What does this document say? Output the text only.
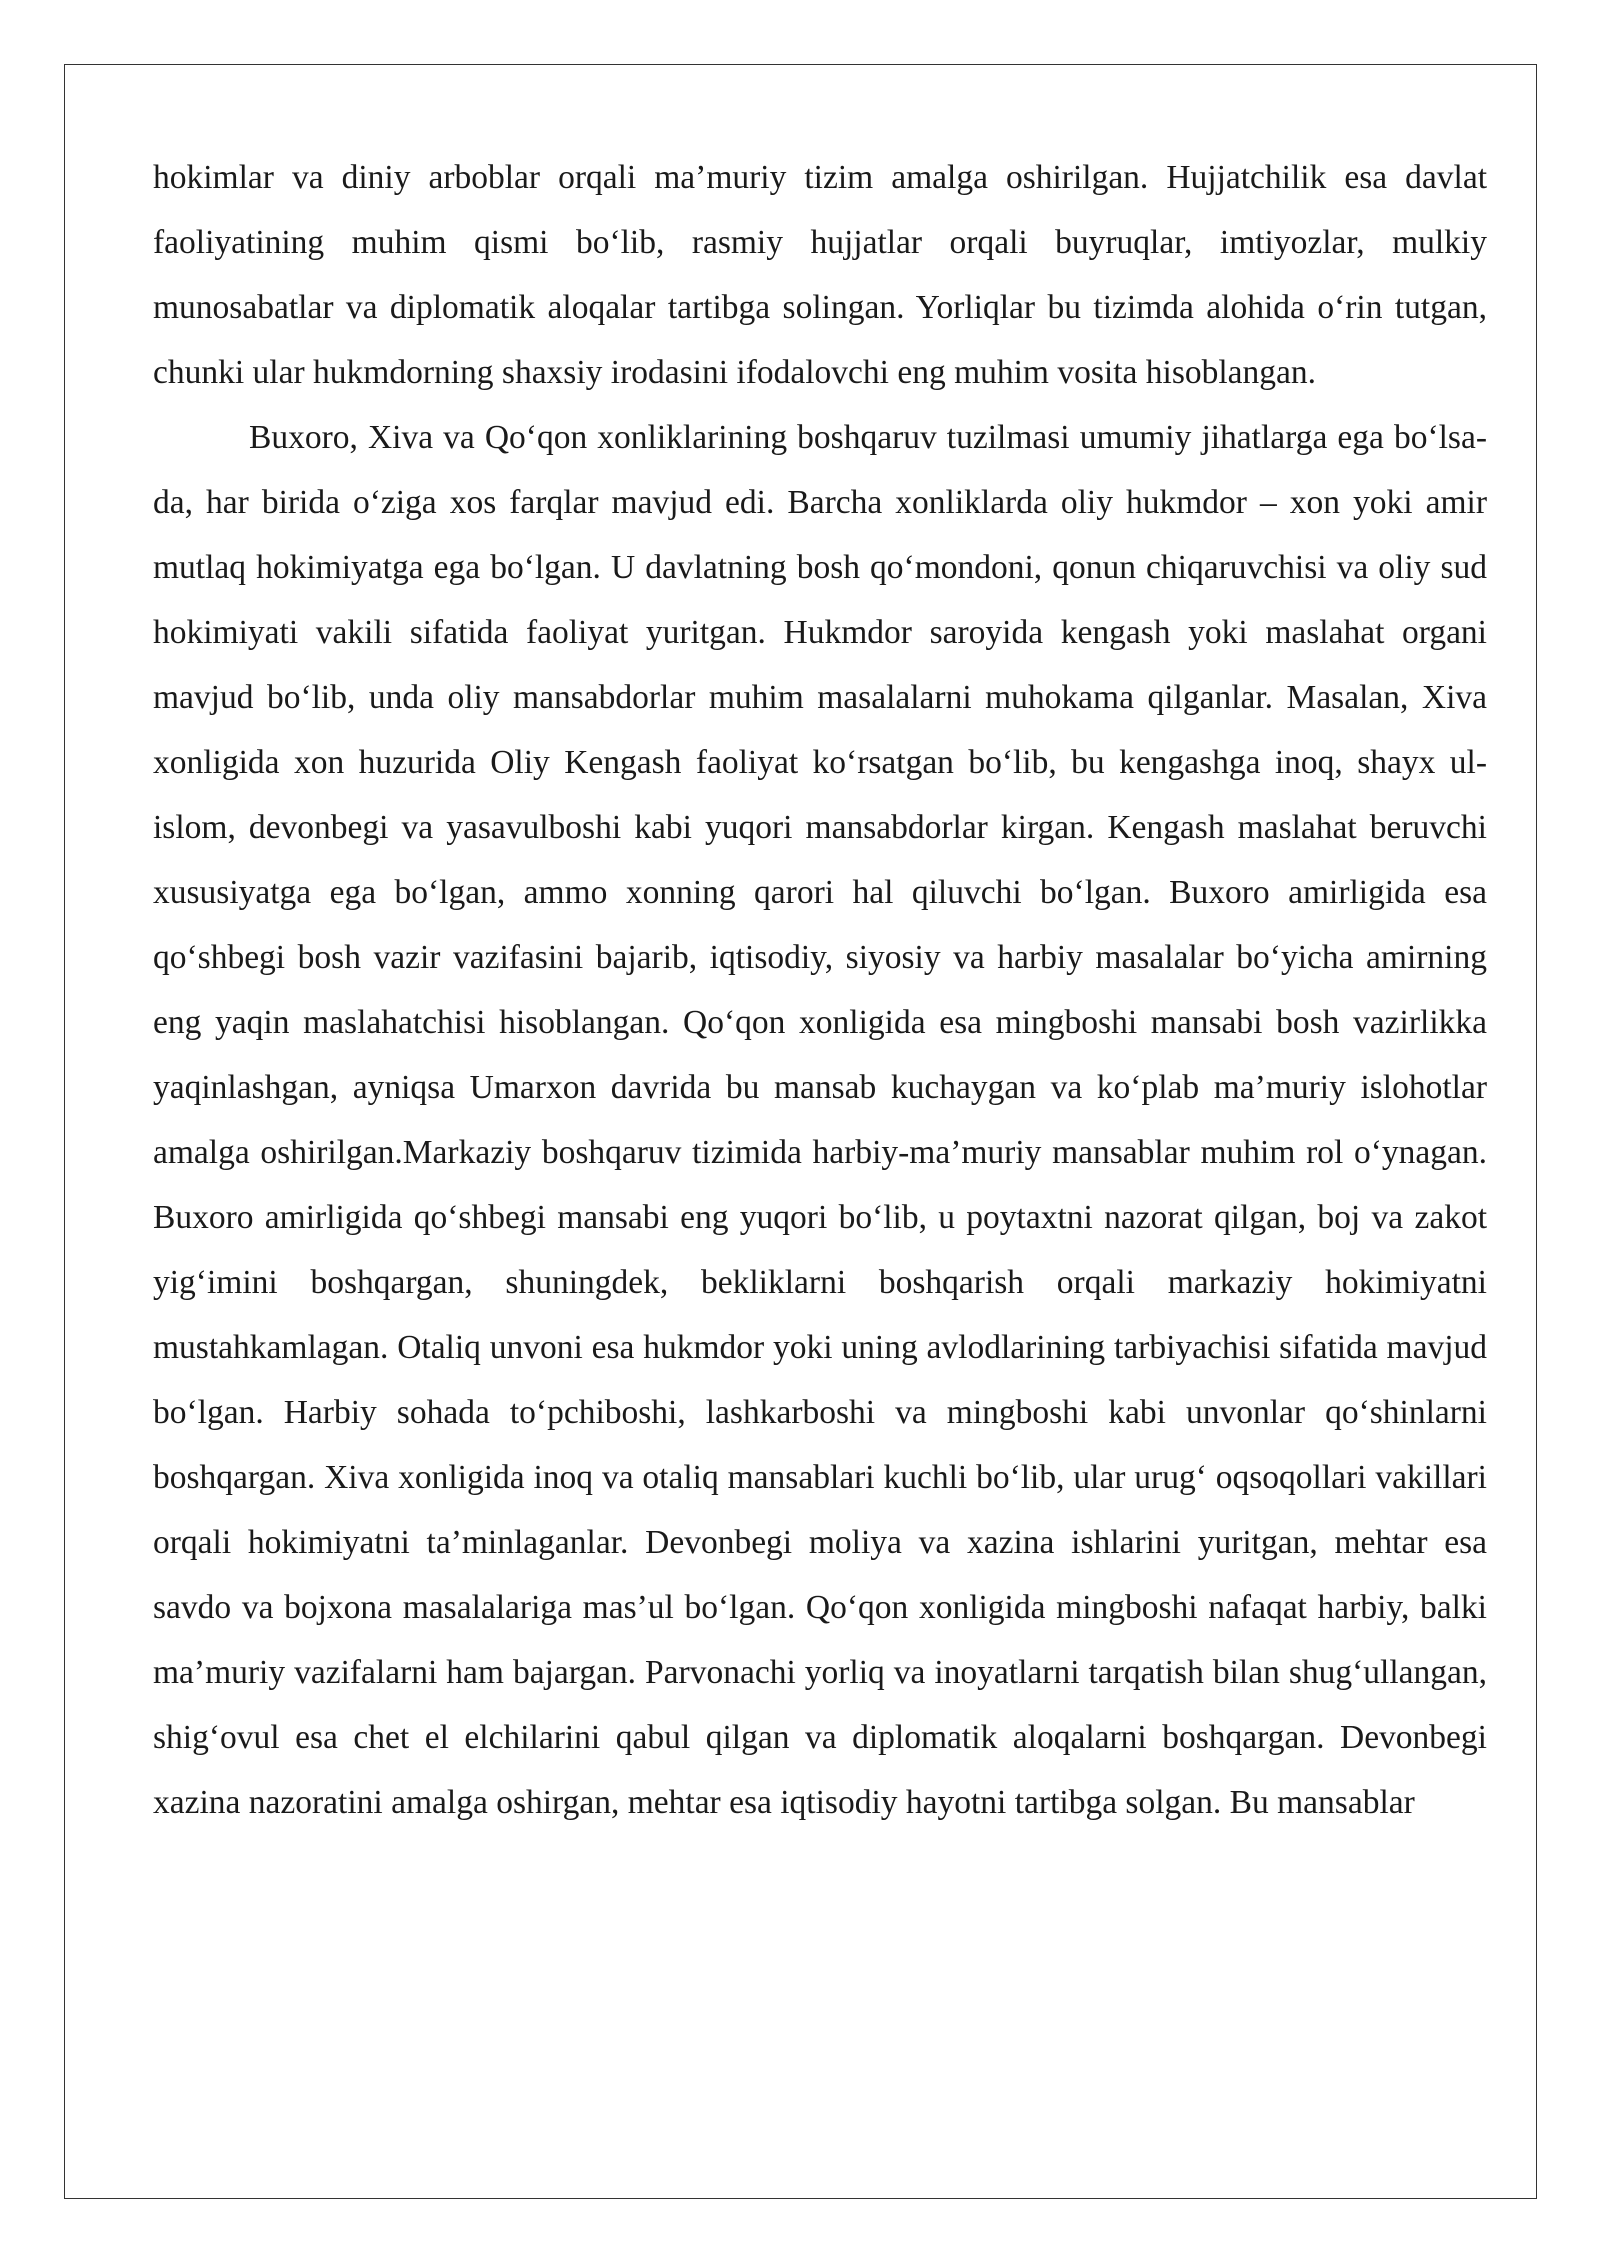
hokimlar va diniy arboblar orqali ma’muriy tizim amalga oshirilgan. Hujjatchilik esa davlat faoliyatining muhim qismi bo‘lib, rasmiy hujjatlar orqali buyruqlar, imtiyozlar, mulkiy munosabatlar va diplomatik aloqalar tartibga solingan. Yorliqlar bu tizimda alohida o‘rin tutgan, chunki ular hukmdorning shaxsiy irodasini ifodalovchi eng muhim vosita hisoblangan.

Buxoro, Xiva va Qo‘qon xonliklarining boshqaruv tuzilmasi umumiy jihatlarga ega bo‘lsa-da, har birida o‘ziga xos farqlar mavjud edi. Barcha xonliklarda oliy hukmdor – xon yoki amir mutlaq hokimiyatga ega bo‘lgan. U davlatning bosh qo‘mondoni, qonun chiqaruvchisi va oliy sud hokimiyati vakili sifatida faoliyat yuritgan. Hukmdor saroyida kengash yoki maslahat organi mavjud bo‘lib, unda oliy mansabdorlar muhim masalalarni muhokama qilganlar. Masalan, Xiva xonligida xon huzurida Oliy Kengash faoliyat ko‘rsatgan bo‘lib, bu kengashga inoq, shayx ul-islom, devonbegi va yasavulboshi kabi yuqori mansabdorlar kirgan. Kengash maslahat beruvchi xususiyatga ega bo‘lgan, ammo xonning qarori hal qiluvchi bo‘lgan. Buxoro amirligida esa qo‘shbegi bosh vazir vazifasini bajarib, iqtisodiy, siyosiy va harbiy masalalar bo‘yicha amirning eng yaqin maslahatchisi hisoblangan. Qo‘qon xonligida esa mingboshi mansabi bosh vazirlikka yaqinlashgan, ayniqsa Umarxon davrida bu mansab kuchaygan va ko‘plab ma’muriy islohotlar amalga oshirilgan.Markaziy boshqaruv tizimida harbiy-ma’muriy mansablar muhim rol o‘ynagan. Buxoro amirligida qo‘shbegi mansabi eng yuqori bo‘lib, u poytaxtni nazorat qilgan, boj va zakot yig‘imini boshqargan, shuningdek, bekliklarni boshqarish orqali markaziy hokimiyatni mustahkamlagan. Otaliq unvoni esa hukmdor yoki uning avlodlarining tarbiyachisi sifatida mavjud bo‘lgan. Harbiy sohada to‘pchiboshi, lashkarboshi va mingboshi kabi unvonlar qo‘shinlarni boshqargan. Xiva xonligida inoq va otaliq mansablari kuchli bo‘lib, ular urug‘ oqsoqollari vakillari orqali hokimiyatni ta’minlaganlar. Devonbegi moliya va xazina ishlarini yuritgan, mehtar esa savdo va bojxona masalalariga mas’ul bo‘lgan. Qo‘qon xonligida mingboshi nafaqat harbiy, balki ma’muriy vazifalarni ham bajargan. Parvonachi yorliq va inoyatlarni tarqatish bilan shug‘ullangan, shig‘ovul esa chet el elchilarini qabul qilgan va diplomatik aloqalarni boshqargan. Devonbegi xazina nazoratini amalga oshirgan, mehtar esa iqtisodiy hayotni tartibga solgan. Bu mansablar
